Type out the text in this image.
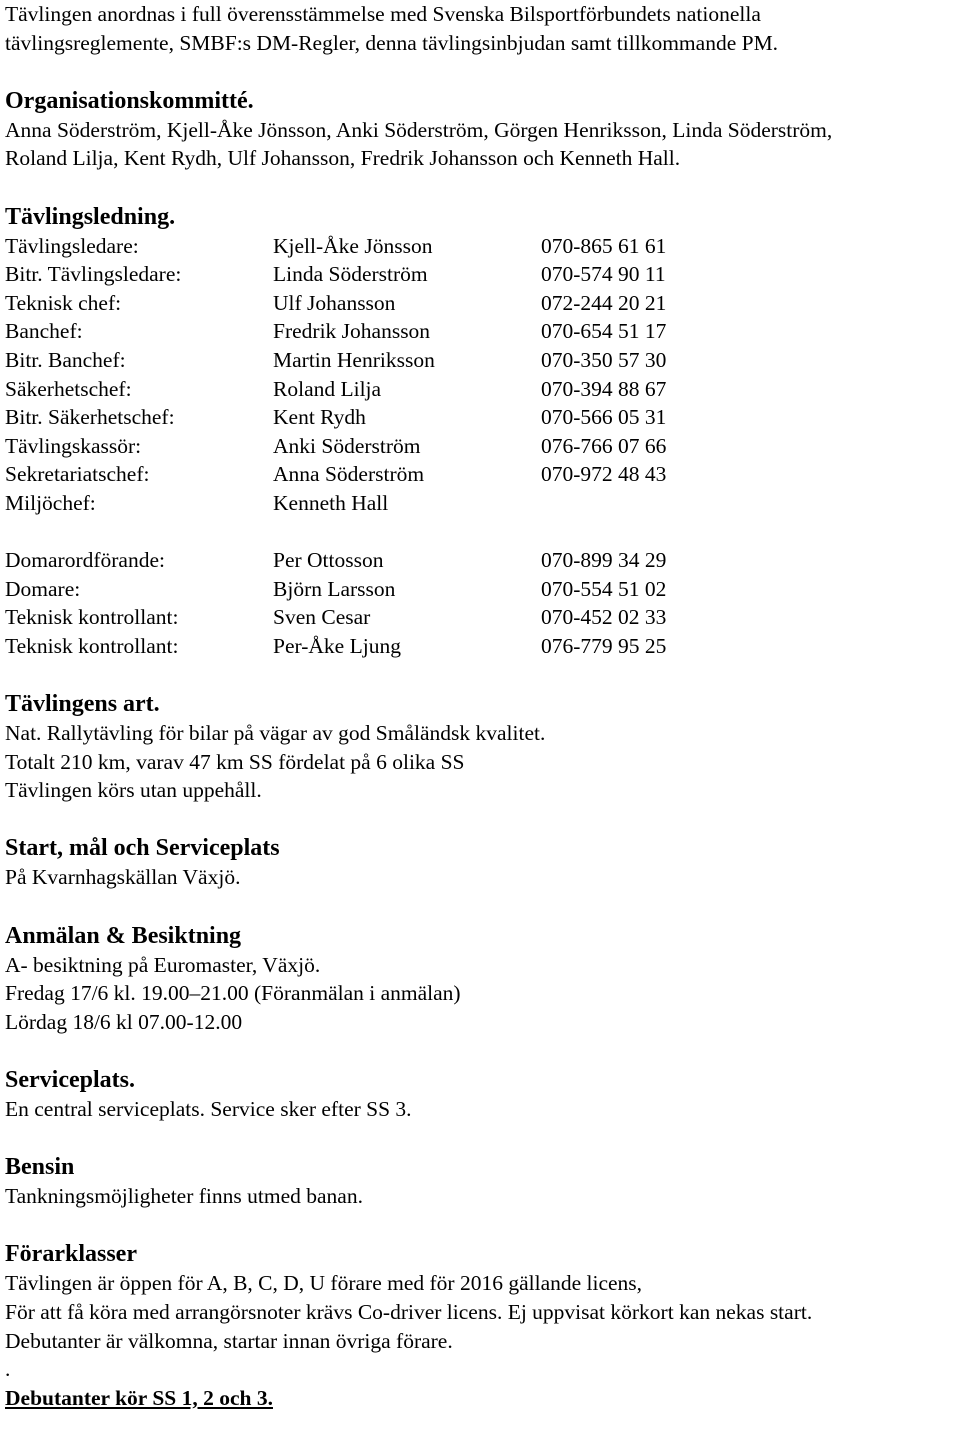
Tävlingen anordnas i full överensstämmelse med Svenska Bilsportförbundets nationella

tävlingsreglemente, SMBF:s DM-Regler, denna tävlingsinbjudan samt tillkommande PM.

Organisationskommitté.

Anna Söderström, Kjell-Åke Jönsson, Anki Söderström, Görgen Henriksson, Linda Söderström,

Roland Lilja, Kent Rydh, Ulf Johansson, Fredrik Johansson och Kenneth Hall.

Tävlingsledning.

Tävlingsledare:	Kjell-Åke Jönsson	070-865 61 61
Bitr. Tävlingsledare:	Linda Söderström	070-574 90 11
Teknisk chef:	Ulf Johansson	072-244 20 21
Banchef:	Fredrik Johansson	070-654 51 17
Bitr. Banchef:	Martin Henriksson	070-350 57 30
Säkerhetschef:	Roland Lilja	070-394 88 67
Bitr. Säkerhetschef:	Kent Rydh	070-566 05 31
Tävlingskassör:	Anki Söderström	076-766 07 66
Sekretariatschef:	Anna Söderström	070-972 48 43
Miljöchef:	Kenneth Hall
Domarordförande:	Per Ottosson	070-899 34 29
Domare:	Björn Larsson	070-554 51 02
Teknisk kontrollant:	Sven Cesar	070-452 02 33
Teknisk kontrollant:	Per-Åke Ljung	076-779 95 25

Tävlingens art.

Nat. Rallytävling för bilar på vägar av god Småländsk kvalitet.

Totalt 210 km, varav 47 km SS fördelat på 6 olika SS

Tävlingen körs utan uppehåll.

Start, mål och Serviceplats

På Kvarnhagskällan Växjö.

Anmälan & Besiktning

A- besiktning på Euromaster, Växjö.

Fredag 17/6 kl. 19.00–21.00 (Föranmälan i anmälan)

Lördag 18/6 kl 07.00-12.00

Serviceplats.

En central serviceplats. Service sker efter SS 3.

Bensin

Tankningsmöjligheter finns utmed banan.

Förarklasser

Tävlingen är öppen för A, B, C, D, U förare med för 2016 gällande licens,

För att få köra med arrangörsnoter krävs Co-driver licens. Ej uppvisat körkort kan nekas start.

Debutanter är välkomna, startar innan övriga förare.

.

Debutanter kör SS 1, 2 och 3.
